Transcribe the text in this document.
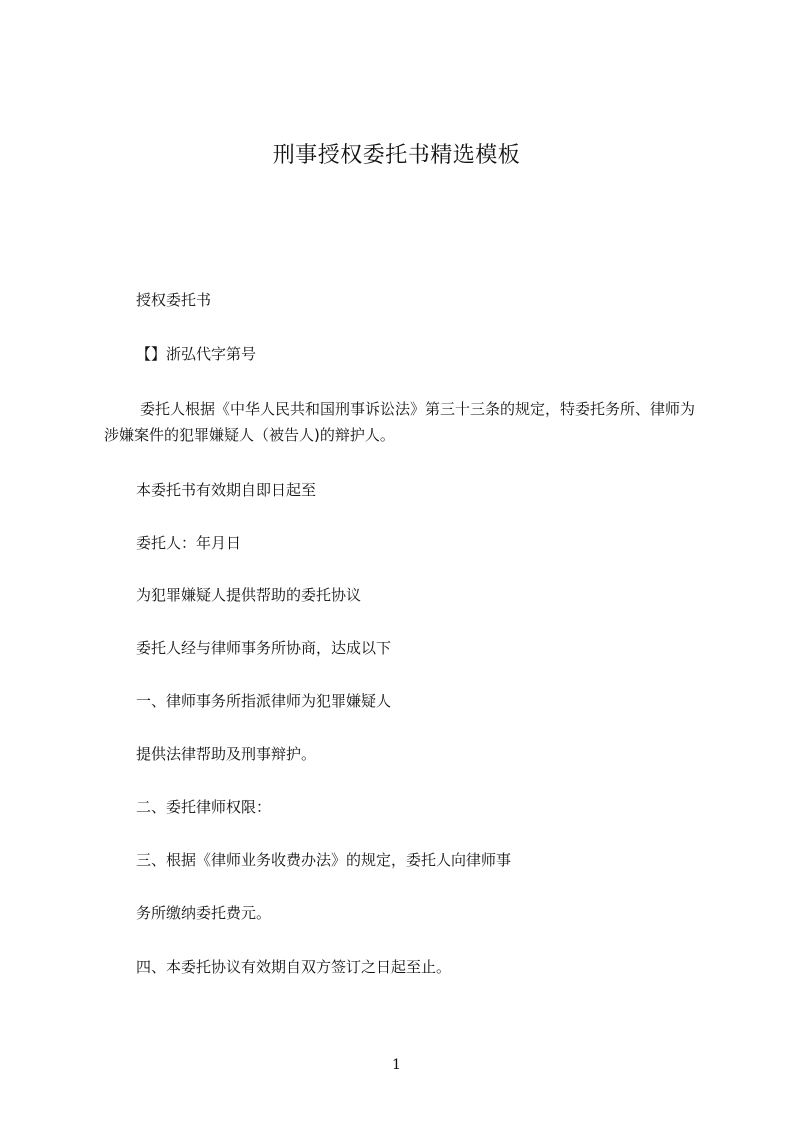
刑事授权委托书精选模板

授权委托书

【】浙弘代字第号

委托人根据《中华人民共和国刑事诉讼法》第三十三条的规定，特委托务所、律师为涉嫌案件的犯罪嫌疑人（被告人)的辩护人。

本委托书有效期自即日起至

委托人：年月日

为犯罪嫌疑人提供帮助的委托协议

委托人经与律师事务所协商，达成以下

一、律师事务所指派律师为犯罪嫌疑人

提供法律帮助及刑事辩护。

二、委托律师权限：

三、根据《律师业务收费办法》的规定，委托人向律师事

务所缴纳委托费元。

四、本委托协议有效期自双方签订之日起至止。

1
